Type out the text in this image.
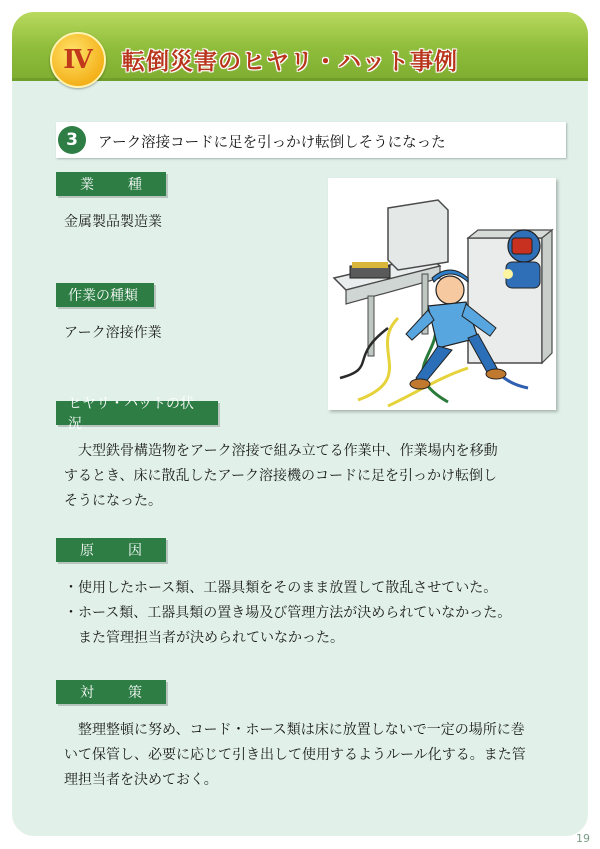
Ⅳ	転倒災害のヒヤリ・ハット事例
3	アーク溶接コードに足を引っかけ転倒しそうになった
業　種
金属製品製造業
作業の種類
アーク溶接作業
ヒヤリ・ハットの状況
　大型鉄骨構造物をアーク溶接で組み立てる作業中、作業場内を移動
するとき、床に散乱したアーク溶接機のコードに足を引っかけ転倒し
そうになった。
原　因
・使用したホース類、工器具類をそのまま放置して散乱させていた。
・ホース類、工器具類の置き場及び管理方法が決められていなかった。
　また管理担当者が決められていなかった。
対　策
　整理整頓に努め、コード・ホース類は床に放置しないで一定の場所に巻
いて保管し、必要に応じて引き出して使用するようルール化する。また管
理担当者を決めておく。
19
